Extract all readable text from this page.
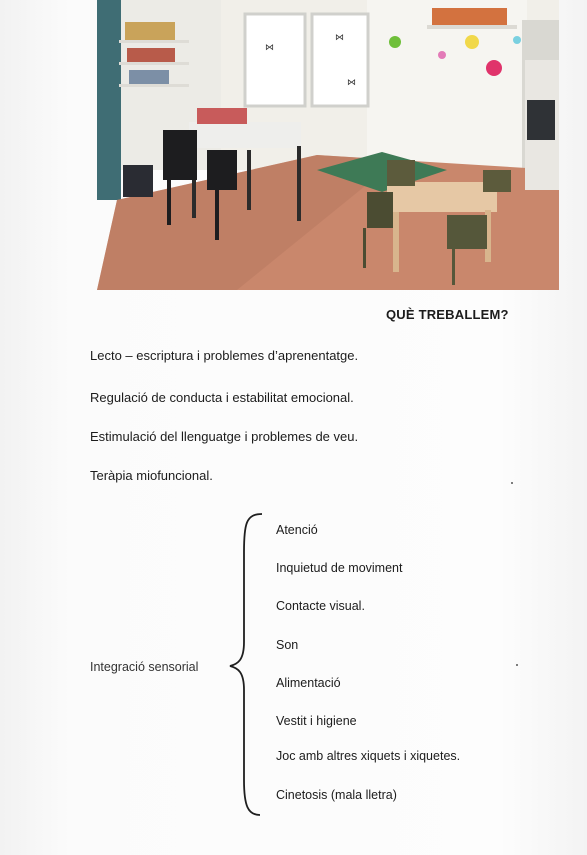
⋈
⋈
⋈
QUÈ TREBALLEM?
Lecto – escriptura i problemes d’aprenentatge.
Regulació de conducta i estabilitat emocional.
Estimulació del llenguatge i problemes de veu.
Teràpia miofuncional.
Integració sensorial
Atenció
Inquietud de moviment
Contacte visual.
Son
Alimentació
Vestit i higiene
Joc amb altres xiquets i xiquetes.
Cinetosis (mala lletra)
